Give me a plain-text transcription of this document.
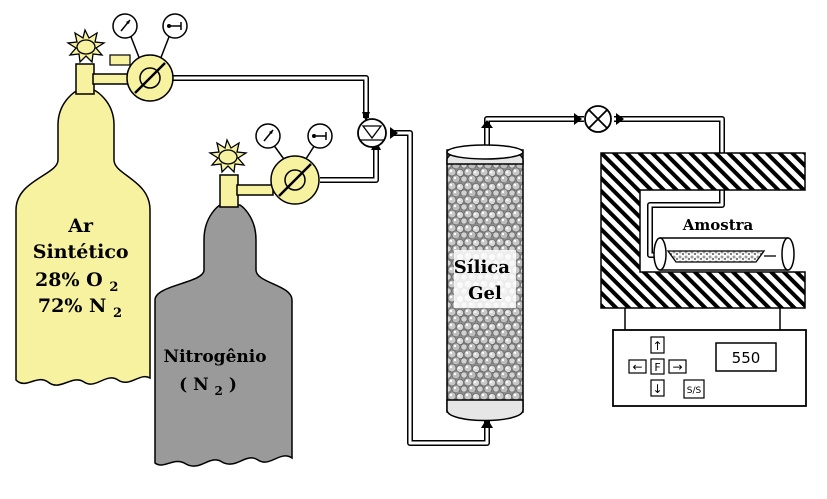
Ar Sintético 28% O $_2$ 72% N $_2$
Nitrogênio ( N $_2$ )
Sílica Gel
Amostra
550
↑
← F →
↓	S/S
